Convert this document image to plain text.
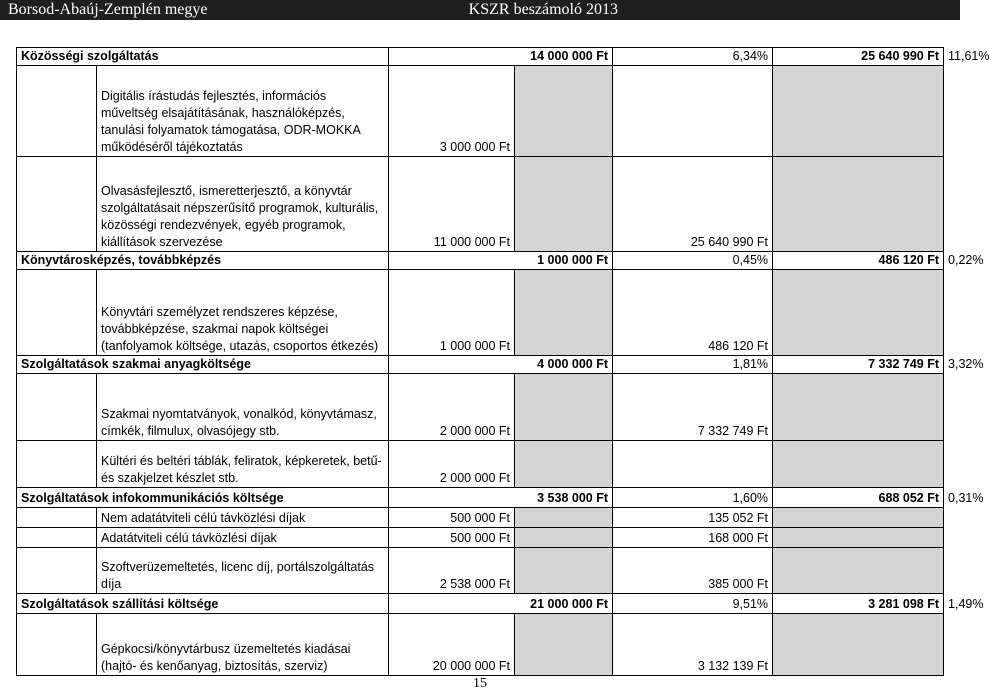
Borsod-Abaúj-Zemplén megye	KSZR beszámoló 2013
Közösségi szolgáltatás		14 000 000 Ft		6,34%	25 640 990 Ft	11,61%
	Digitális írástudás fejlesztés, információs műveltség elsajátításának, használóképzés, tanulási folyamatok támogatása, ODR-MOKKA működéséről tájékoztatás	3 000 000 Ft				
	Olvasásfejlesztő, ismeretterjesztő, a könyvtár szolgáltatásait népszerűsítő programok, kulturális, közösségi rendezvények, egyéb programok, kiállítások szervezése	11 000 000 Ft		25 640 990 Ft		
Könyvtárosképzés, továbbképzés		1 000 000 Ft		0,45%	486 120 Ft	0,22%
	Könyvtári személyzet rendszeres képzése, továbbképzése, szakmai napok költségei (tanfolyamok költsége, utazás, csoportos étkezés)	1 000 000 Ft		486 120 Ft		
Szolgáltatások szakmai anyagköltsége		4 000 000 Ft		1,81%	7 332 749 Ft	3,32%
	Szakmai nyomtatványok, vonalkód, könyvtámasz, címkék, filmulux, olvasójegy stb.	2 000 000 Ft		7 332 749 Ft		
	Kültéri és beltéri táblák, feliratok, képkeretek, betű- és szakjelzet készlet stb.	2 000 000 Ft				
Szolgáltatások infokommunikációs költsége		3 538 000 Ft		1,60%	688 052 Ft	0,31%
	Nem adatátviteli célú távközlési díjak	500 000 Ft		135 052 Ft		
	Adatátviteli célú távközlési díjak	500 000 Ft		168 000 Ft		
	Szoftverüzemeltetés, licenc díj, portálszolgáltatás díja	2 538 000 Ft		385 000 Ft		
Szolgáltatások szállítási költsége		21 000 000 Ft		9,51%	3 281 098 Ft	1,49%
	Gépkocsi/könyvtárbusz üzemeltetés kiadásai (hajtó- és kenőanyag, biztosítás, szerviz)	20 000 000 Ft		3 132 139 Ft		
15
